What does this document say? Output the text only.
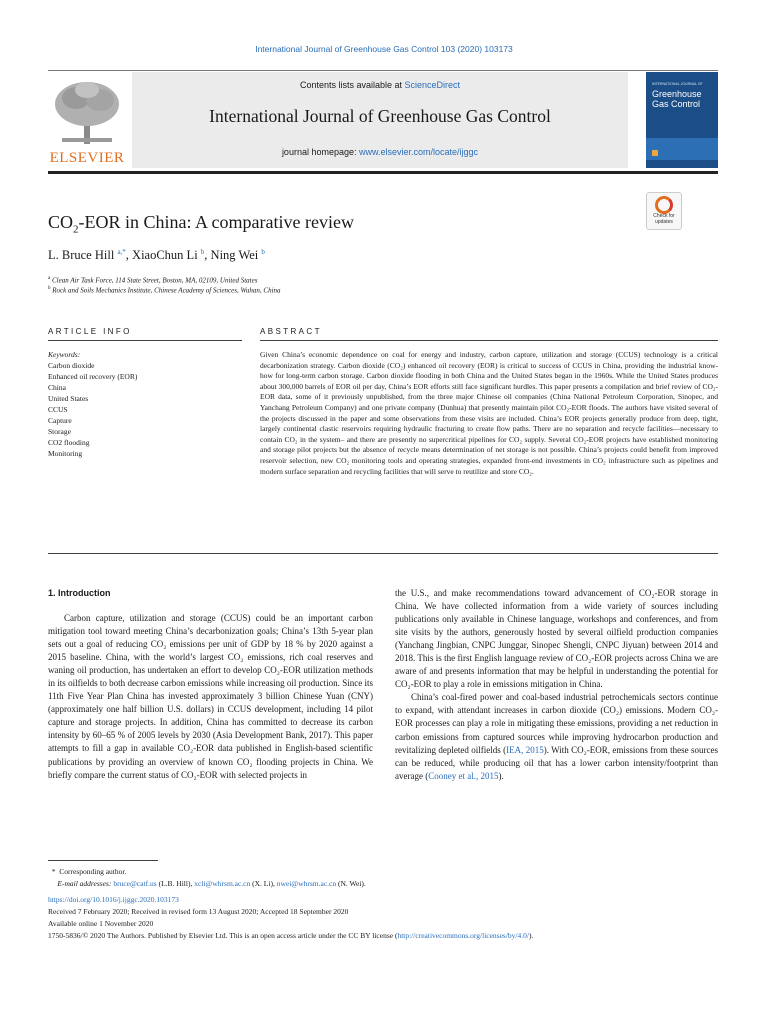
International Journal of Greenhouse Gas Control 103 (2020) 103173
ELSEVIER
Contents lists available at ScienceDirect
International Journal of Greenhouse Gas Control
journal homepage: www.elsevier.com/locate/ijggc
INTERNATIONAL JOURNAL OF
Greenhouse Gas Control
$CO_2$-EOR in China: A comparative review	Check for updates
L. Bruce Hill $^{a,*}$, XiaoChun Li $^b$, Ning Wei $^b$
$^a$ Clean Air Task Force, 114 State Street, Boston, MA, 02109, United States
$^b$ Rock and Soils Mechanics Institute, Chinese Academy of Sciences, Wuhan, China
ARTICLE INFO	ABSTRACT
Keywords:
Carbon dioxide
Enhanced oil recovery (EOR)
China
United States
CCUS
Capture
Storage
CO2 flooding
Monitoring
Given China’s economic dependence on coal for energy and industry, carbon capture, utilization and storage (CCUS) technology is a critical decarbonization strategy. Carbon dioxide (CO₂) enhanced oil recovery (EOR) is critical to success of CCUS in China, providing the industrial know-how for long-term carbon storage. Carbon dioxide flooding in both China and the United States began in the 1960s. While the United States produces about 300,000 barrels of EOR oil per day, China’s EOR efforts still face significant hurdles. This paper presents a compilation and brief review of CO₂-EOR data, some of it previously unpublished, from the three major Chinese oil companies (China National Petroleum Corporation, Sinopec, and Yanchang Petroleum Company) and one private company (Dunhua) that presently maintain pilot CO₂-EOR floods. The authors have visited several of the projects discussed in the paper and some observations from these visits are included. China’s EOR projects generally produce from deep, tight, largely continental clastic reservoirs requiring hydraulic fracturing to create flow paths. There are no separation and recycle facilities—necessary to contain CO₂ in the system– and there are presently no supercritical pipelines for CO₂ supply. Several CO₂-EOR projects have established monitoring and storage pilot projects but the absence of recycle means determination of net storage is not possible. China’s projects could benefit from improved reservoir selection, new CO₂ monitoring tools and operating strategies, expanded front-end investments in CO₂ infrastructure such as pipelines and modern surface separation and recycling facilities that will serve to reutilize and store CO₂.
1. Introduction

Carbon capture, utilization and storage (CCUS) could be an important carbon mitigation tool toward meeting China’s decarbonization goals; China’s 13th 5-year plan sets out a goal of reducing CO₂ emissions per unit of GDP by 18 % by 2020 against a 2015 baseline. China, with the world’s largest CO₂ emissions, rich coal reserves and waning oil production, has undertaken an effort to develop CO₂-EOR utilization methods in its oilfields to both decrease carbon emissions while increasing oil production. Since its 11th Five Year Plan China has invested approximately 3 billion Chinese Yuan (CNY) (approximately one half billion U.S. dollars) in CCUS development, including 14 pilot capture and storage projects. In addition, China has committed to decrease its carbon intensity by 60–65 % of 2005 levels by 2030 (Asia Development Bank, 2017). This paper attempts to fill a gap in available CO₂-EOR data published in English-based scientific publications by providing an overview of known CO₂ flooding projects in China. We briefly compare the current status of CO₂-EOR with selected projects in

the U.S., and make recommendations toward advancement of CO₂-EOR storage in China. We have collected information from a wide variety of sources including publications only available in Chinese language, workshops and conferences, and from site visits by the authors, generously hosted by several oilfield production companies (Yanchang Jingbian, CNPC Junggar, Sinopec Shengli, CNPC Jiyuan) between 2014 and 2018. This is the first English language review of CO₂-EOR projects across China we are aware of and presents information that may be helpful in understanding the potential for CO₂-EOR to play a role in emissions mitigation in China.

China’s coal-fired power and coal-based industrial petrochemicals sectors continue to expand, with attendant increases in carbon dioxide (CO₂) emissions. Modern CO₂-EOR processes can play a role in mitigating these emissions, providing a net reduction in carbon emissions from captured sources while improving hydrocarbon production and revitalizing depleted oilfields (IEA, 2015). With CO₂-EOR, emissions from these sources can be reduced, while producing oil that has a lower carbon intensity/footprint than average (Cooney et al., 2015).

* Corresponding author.
E-mail addresses: bruce@catf.us (L.B. Hill), xcli@whrsm.ac.cn (X. Li), nwei@whrsm.ac.cn (N. Wei).
https://doi.org/10.1016/j.ijggc.2020.103173
Received 7 February 2020; Received in revised form 13 August 2020; Accepted 18 September 2020
Available online 1 November 2020
1750-5836/© 2020 The Authors. Published by Elsevier Ltd. This is an open access article under the CC BY license (http://creativecommons.org/licenses/by/4.0/).
